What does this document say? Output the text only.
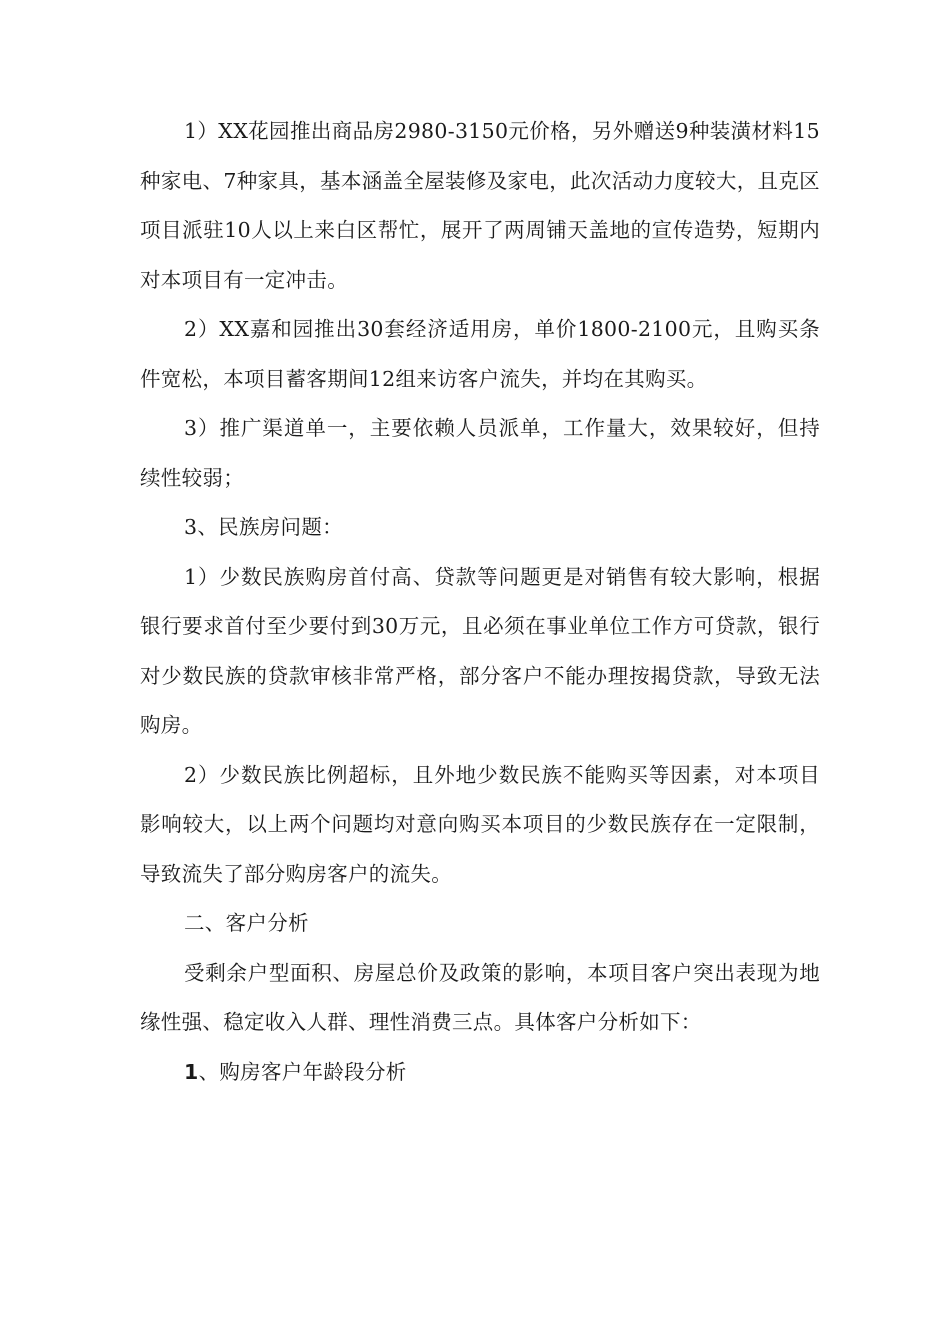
1）XX花园推出商品房2980-3150元价格，另外赠送9种装潢材料15种家电、7种家具，基本涵盖全屋装修及家电，此次活动力度较大，且克区项目派驻10人以上来白区帮忙，展开了两周铺天盖地的宣传造势，短期内对本项目有一定冲击。

2）XX嘉和园推出30套经济适用房，单价1800-2100元，且购买条件宽松，本项目蓄客期间12组来访客户流失，并均在其购买。

3）推广渠道单一，主要依赖人员派单，工作量大，效果较好，但持续性较弱；

3、民族房问题：

1）少数民族购房首付高、贷款等问题更是对销售有较大影响，根据银行要求首付至少要付到30万元，且必须在事业单位工作方可贷款，银行对少数民族的贷款审核非常严格，部分客户不能办理按揭贷款，导致无法购房。

2）少数民族比例超标，且外地少数民族不能购买等因素，对本项目影响较大，以上两个问题均对意向购买本项目的少数民族存在一定限制，导致流失了部分购房客户的流失。

二、客户分析

受剩余户型面积、房屋总价及政策的影响，本项目客户突出表现为地缘性强、稳定收入人群、理性消费三点。具体客户分析如下：

1、购房客户年龄段分析
